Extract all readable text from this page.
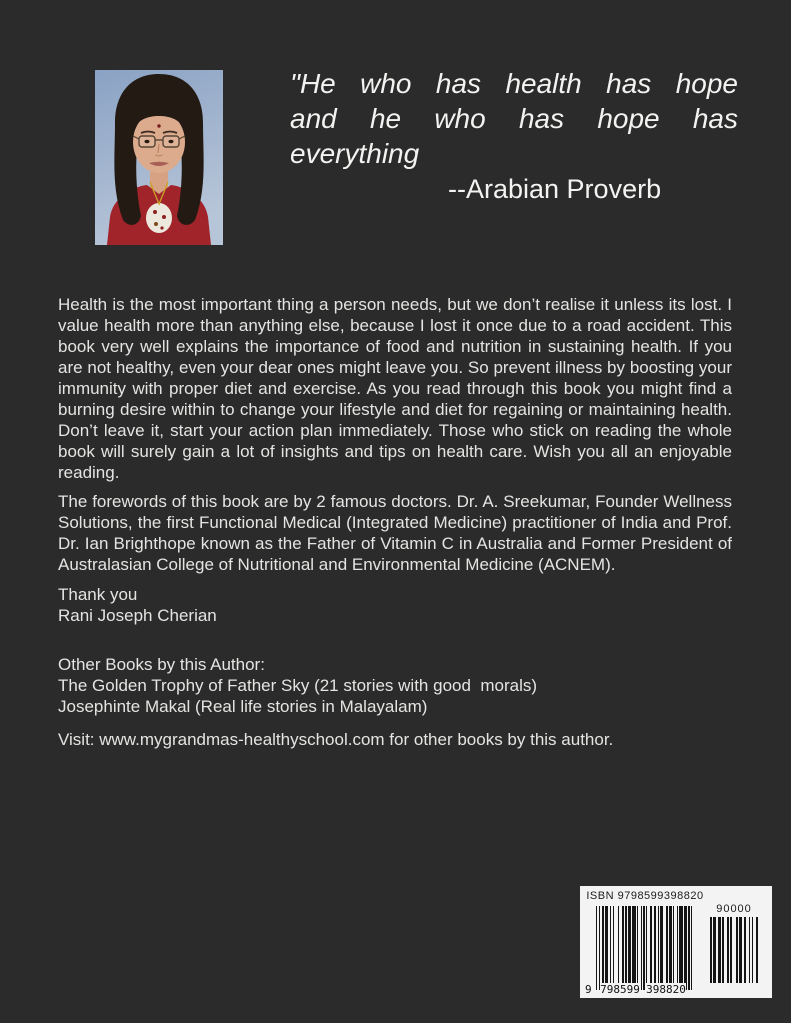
"He who has health has hope
and he who has hope has
everything
--Arabian Proverb

Health is the most important thing a person needs, but we don’t realise it unless its lost. I value health more than anything else, because I lost it once due to a road accident. This book very well explains the importance of food and nutrition in sustaining health. If you are not healthy, even your dear ones might leave you. So prevent illness by boosting your immunity with proper diet and exercise. As you read through this book you might find a burning desire within to change your lifestyle and diet for regaining or maintaining health. Don’t leave it, start your action plan immediately. Those who stick on reading the whole book will surely gain a lot of insights and tips on health care. Wish you all an enjoyable reading.

The forewords of this book are by 2 famous doctors. Dr. A. Sreekumar, Founder Wellness Solutions, the first Functional Medical (Integrated Medicine) practitioner of India and Prof. Dr. Ian Brighthope known as the Father of Vitamin C in Australia and Former President of Australasian College of Nutritional and Environmental Medicine (ACNEM).

Thank you
Rani Joseph Cherian
Other Books by this Author:
The Golden Trophy of Father Sky (21 stories with good  morals)
Josephinte Makal (Real life stories in Malayalam)
Visit: www.mygrandmas-healthyschool.com for other books by this author.
ISBN 9798599398820
9 798599 398820
90000
